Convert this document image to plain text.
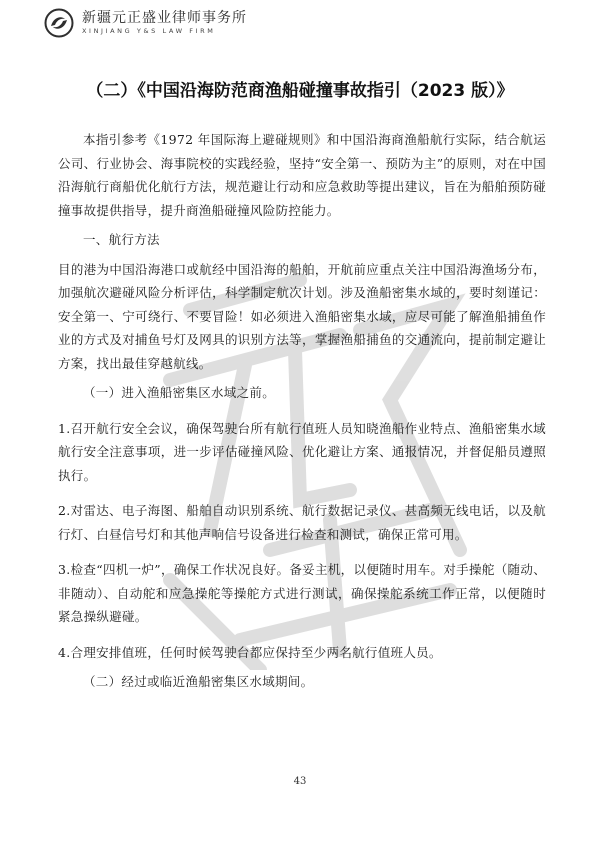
新疆元正盛业律师事务所
XINJIANG Y&S LAW FIRM
（二）《中国沿海防范商渔船碰撞事故指引（2023 版）》

本指引参考《1972 年国际海上避碰规则》和中国沿海商渔船航行实际，结合航运公司、行业协会、海事院校的实践经验，坚持“安全第一、预防为主”的原则，对在中国沿海航行商船优化航行方法，规范避让行动和应急救助等提出建议，旨在为船舶预防碰撞事故提供指导，提升商渔船碰撞风险防控能力。

一、航行方法

目的港为中国沿海港口或航经中国沿海的船舶，开航前应重点关注中国沿海渔场分布，加强航次避碰风险分析评估，科学制定航次计划。涉及渔船密集水域的，要时刻谨记：安全第一、宁可绕行、不要冒险！如必须进入渔船密集水域，应尽可能了解渔船捕鱼作业的方式及对捕鱼号灯及网具的识别方法等，掌握渔船捕鱼的交通流向，提前制定避让方案，找出最佳穿越航线。

（一）进入渔船密集区水域之前。

1.召开航行安全会议，确保驾驶台所有航行值班人员知晓渔船作业特点、渔船密集水域航行安全注意事项，进一步评估碰撞风险、优化避让方案、通报情况，并督促船员遵照执行。

2.对雷达、电子海图、船舶自动识别系统、航行数据记录仪、甚高频无线电话，以及航行灯、白昼信号灯和其他声响信号设备进行检查和测试，确保正常可用。

3.检查“四机一炉”，确保工作状况良好。备妥主机，以便随时用车。对手操舵（随动、非随动）、自动舵和应急操舵等操舵方式进行测试，确保操舵系统工作正常，以便随时紧急操纵避碰。

4.合理安排值班，任何时候驾驶台都应保持至少两名航行值班人员。

（二）经过或临近渔船密集区水域期间。

43
